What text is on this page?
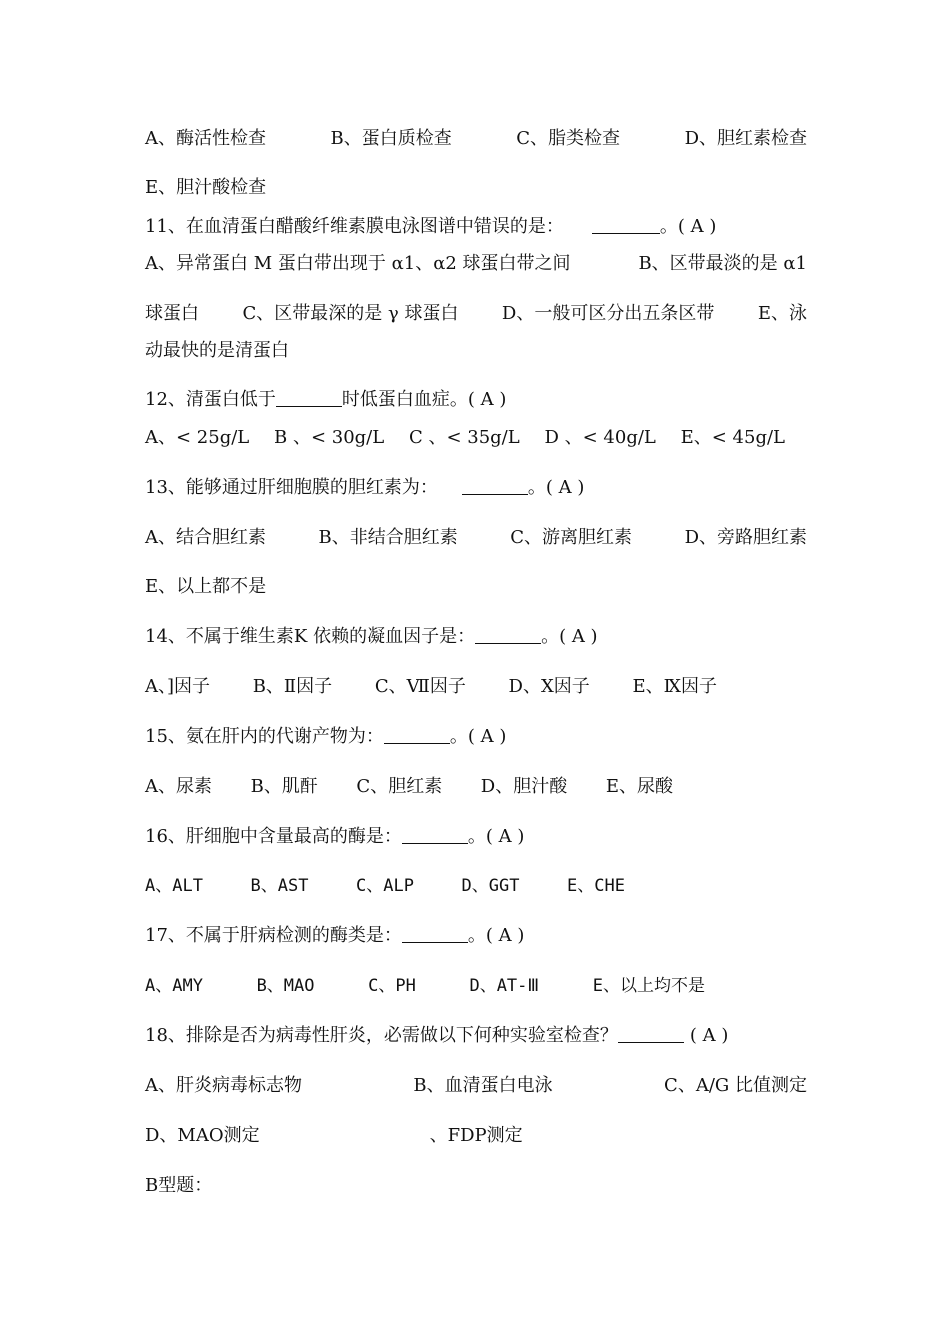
A、酶活性检查	B、蛋白质检查	C、脂类检查	D、胆红素检查
E、胆汁酸检查
11、在血清蛋白醋酸纤维素膜电泳图谱中错误的是：	。( A )
A、异常蛋白 M 蛋白带出现于 α1、α2 球蛋白带之间	B、区带最淡的是 α1
球蛋白 C、区带最深的是 γ 球蛋白 D、一般可区分出五条区带 E、泳
动最快的是清蛋白
12、清蛋白低于	时低蛋白血症。( A )
A、< 25g/L B 、< 30g/L C 、< 35g/L D 、< 40g/L E、< 45g/L
13、能够通过肝细胞膜的胆红素为：	。( A )
A、结合胆红素	B、非结合胆红素	C、游离胆红素	D、旁路胆红素
E、以上都不是
14、不属于维生素K 依赖的凝血因子是：	。( A )
A、]因子 B、Ⅱ因子 C、Ⅶ因子 D、Ⅹ因子 E、Ⅸ因子
15、氨在肝内的代谢产物为：	。( A )
A、尿素 B、肌酐 C、胆红素 D、胆汁酸 E、尿酸
16、肝细胞中含量最高的酶是：	。( A )
A、ALT	B、AST	C、ALP	D、GGT	E、CHE
17、不属于肝病检测的酶类是：	。( A )
A、AMY	B、MAO	C、PH	D、AT-Ⅲ	E、以上均不是
18、排除是否为病毒性肝炎，必需做以下何种实验室检查？	( A )
A、肝炎病毒标志物	B、血清蛋白电泳	C、A/G 比值测定
D、MAO测定	、FDP测定
B型题：
